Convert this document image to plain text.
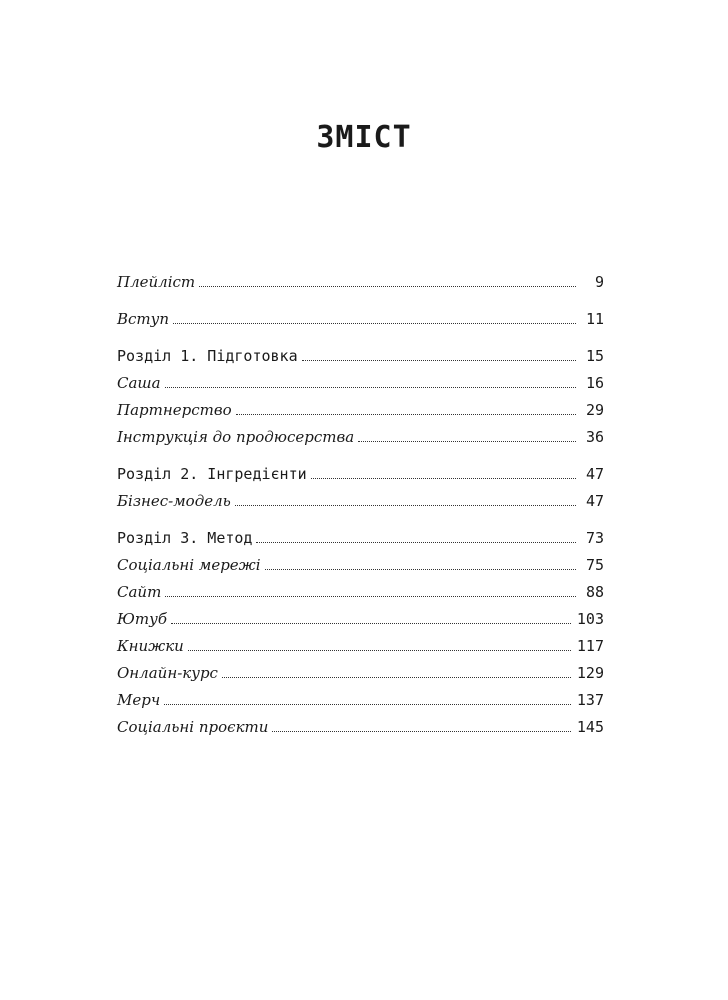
ЗМІСТ
Плейліст	9
Вступ	11
Розділ 1. Підготовка	15
Саша	16
Партнерство	29
Інструкція до продюсерства	36
Розділ 2. Інгредієнти	47
Бізнес-модель	47
Розділ 3. Метод	73
Соціальні мережі	75
Сайт	88
Ютуб	103
Книжки	117
Онлайн-курс	129
Мерч	137
Соціальні проєкти	145
